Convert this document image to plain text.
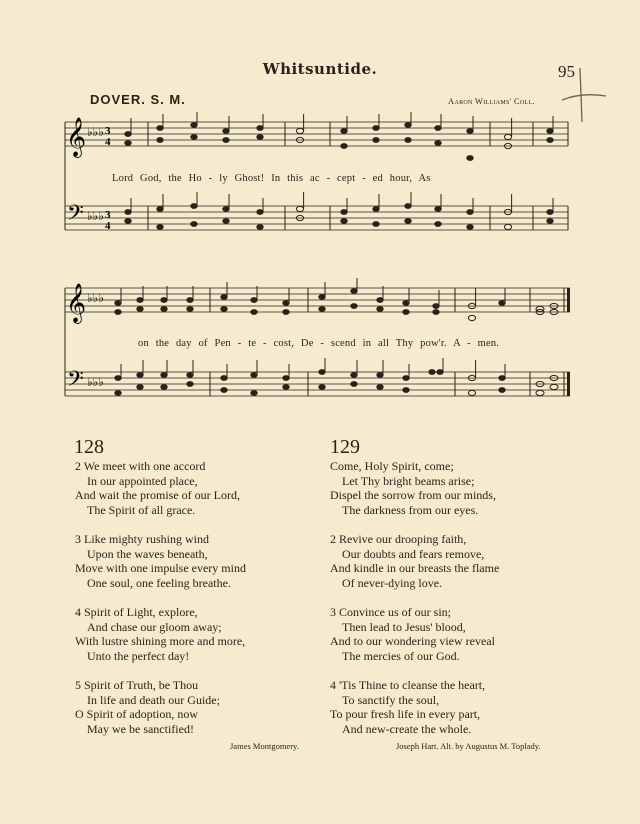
Whitsuntide.	95
DOVER. S. M.	Aaron Williams' Coll.
𝄞
𝄢
♭♭♭
♭♭♭
3
4
3
4
Lord God, the Ho - ly Ghost! In this ac - cept - ed hour, As
𝄞
𝄢
♭♭♭
♭♭♭
on the day of Pen - te - cost, De - scend in all Thy pow'r. A - men.
128
2 We meet with one accord
In our appointed place,
And wait the promise of our Lord,
The Spirit of all grace.
3 Like mighty rushing wind
Upon the waves beneath,
Move with one impulse every mind
One soul, one feeling breathe.
4 Spirit of Light, explore,
And chase our gloom away;
With lustre shining more and more,
Unto the perfect day!
5 Spirit of Truth, be Thou
In life and death our Guide;
O Spirit of adoption, now
May we be sanctified!
James Montgomery.
129
Come, Holy Spirit, come;
Let Thy bright beams arise;
Dispel the sorrow from our minds,
The darkness from our eyes.
2 Revive our drooping faith,
Our doubts and fears remove,
And kindle in our breasts the flame
Of never-dying love.
3 Convince us of our sin;
Then lead to Jesus' blood,
And to our wondering view reveal
The mercies of our God.
4 'Tis Thine to cleanse the heart,
To sanctify the soul,
To pour fresh life in every part,
And new-create the whole.
Joseph Hart. Alt. by Augustus M. Toplady.
